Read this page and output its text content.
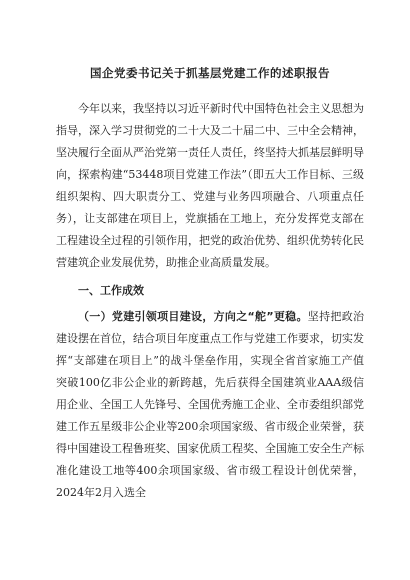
国企党委书记关于抓基层党建工作的述职报告

今年以来，我坚持以习近平新时代中国特色社会主义思想为指导，深入学习贯彻党的二十大及二十届二中、三中全会精神，坚决履行全面从严治党第一责任人责任，终坚持大抓基层鲜明导向，探索构建“53448项目党建工作法”（即五大工作目标、三级组织架构、四大职责分工、党建与业务四项融合、八项重点任务），让支部建在项目上，党旗插在工地上，充分发挥党支部在工程建设全过程的引领作用，把党的政治优势、组织优势转化民营建筑企业发展优势，助推企业高质量发展。

一、工作成效

（一）党建引领项目建设，方向之“舵”更稳。坚持把政治建设摆在首位，结合项目年度重点工作与党建工作要求，切实发挥“支部建在项目上”的战斗堡垒作用，实现全省首家施工产值突破100亿非公企业的新跨越，先后获得全国建筑业AAA级信用企业、全国工人先锋号、全国优秀施工企业、全市委组织部党建工作五星级非公企业等200余项国家级、省市级企业荣誉，获得中国建设工程鲁班奖、国家优质工程奖、全国施工安全生产标准化建设工地等400余项国家级、省市级工程设计创优荣誉，2024年2月入选全
